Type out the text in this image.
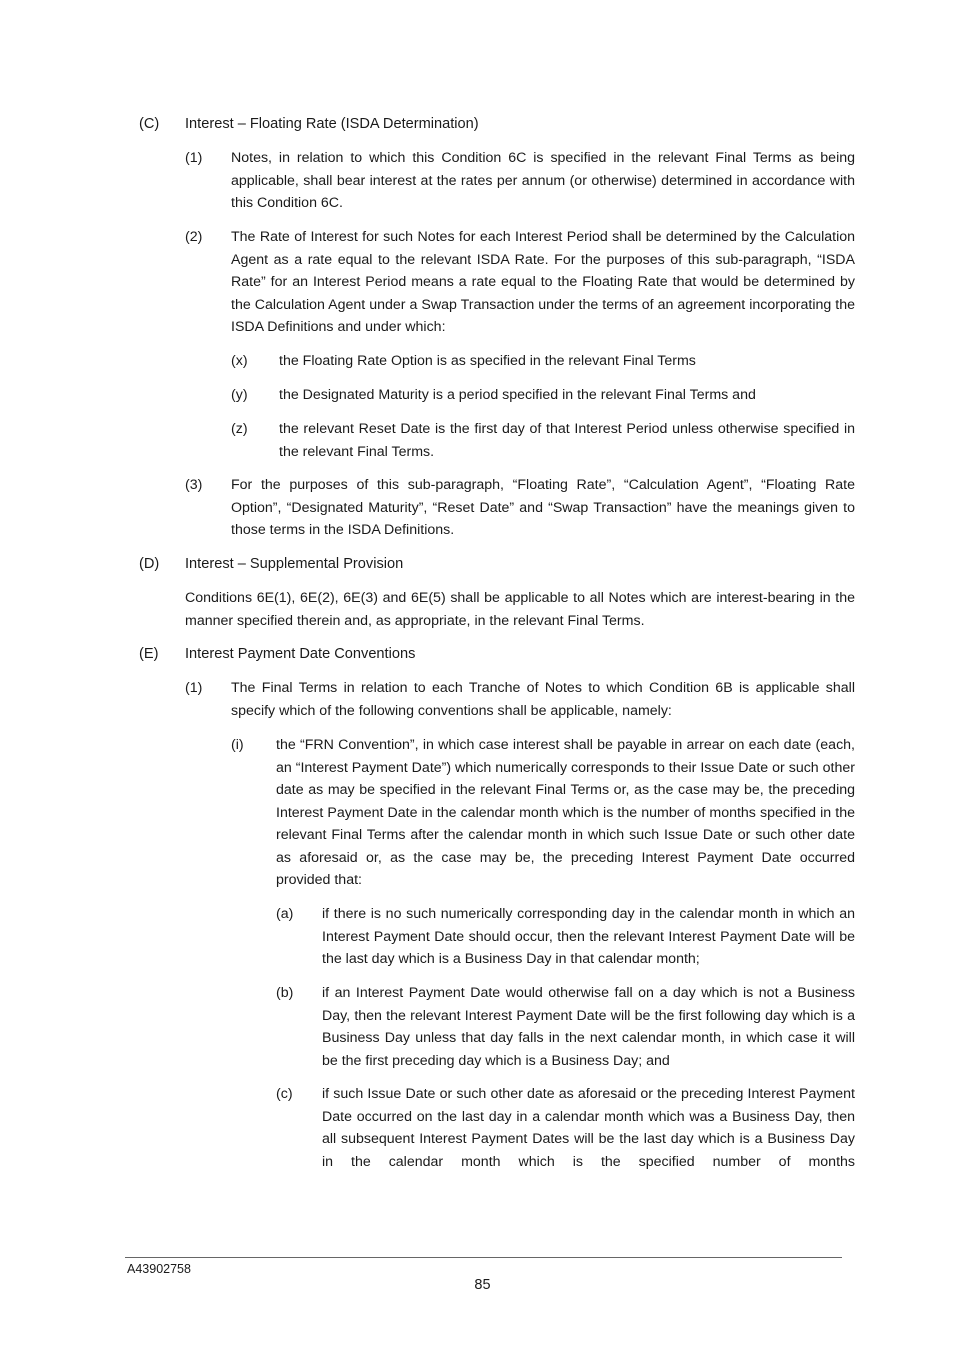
(C) Interest – Floating Rate (ISDA Determination)
(1) Notes, in relation to which this Condition 6C is specified in the relevant Final Terms as being applicable, shall bear interest at the rates per annum (or otherwise) determined in accordance with this Condition 6C.

(2) The Rate of Interest for such Notes for each Interest Period shall be determined by the Calculation Agent as a rate equal to the relevant ISDA Rate. For the purposes of this sub-paragraph, “ISDA Rate” for an Interest Period means a rate equal to the Floating Rate that would be determined by the Calculation Agent under a Swap Transaction under the terms of an agreement incorporating the ISDA Definitions and under which:

(x) the Floating Rate Option is as specified in the relevant Final Terms

(y) the Designated Maturity is a period specified in the relevant Final Terms and

(z) the relevant Reset Date is the first day of that Interest Period unless otherwise specified in the relevant Final Terms.

(3) For the purposes of this sub-paragraph, “Floating Rate”, “Calculation Agent”, “Floating Rate Option”, “Designated Maturity”, “Reset Date” and “Swap Transaction” have the meanings given to those terms in the ISDA Definitions.

(D) Interest – Supplemental Provision

Conditions 6E(1), 6E(2), 6E(3) and 6E(5) shall be applicable to all Notes which are interest-bearing in the manner specified therein and, as appropriate, in the relevant Final Terms.

(E) Interest Payment Date Conventions
(1) The Final Terms in relation to each Tranche of Notes to which Condition 6B is applicable shall specify which of the following conventions shall be applicable, namely:

(i) the “FRN Convention”, in which case interest shall be payable in arrear on each date (each, an “Interest Payment Date”) which numerically corresponds to their Issue Date or such other date as may be specified in the relevant Final Terms or, as the case may be, the preceding Interest Payment Date in the calendar month which is the number of months specified in the relevant Final Terms after the calendar month in which such Issue Date or such other date as aforesaid or, as the case may be, the preceding Interest Payment Date occurred provided that:

(a) if there is no such numerically corresponding day in the calendar month in which an Interest Payment Date should occur, then the relevant Interest Payment Date will be the last day which is a Business Day in that calendar month;

(b) if an Interest Payment Date would otherwise fall on a day which is not a Business Day, then the relevant Interest Payment Date will be the first following day which is a Business Day unless that day falls in the next calendar month, in which case it will be the first preceding day which is a Business Day; and

(c) if such Issue Date or such other date as aforesaid or the preceding Interest Payment Date occurred on the last day in a calendar month which was a Business Day, then all subsequent Interest Payment Dates will be the last day which is a Business Day in the calendar month which is the specified number of months

A43902758
85
